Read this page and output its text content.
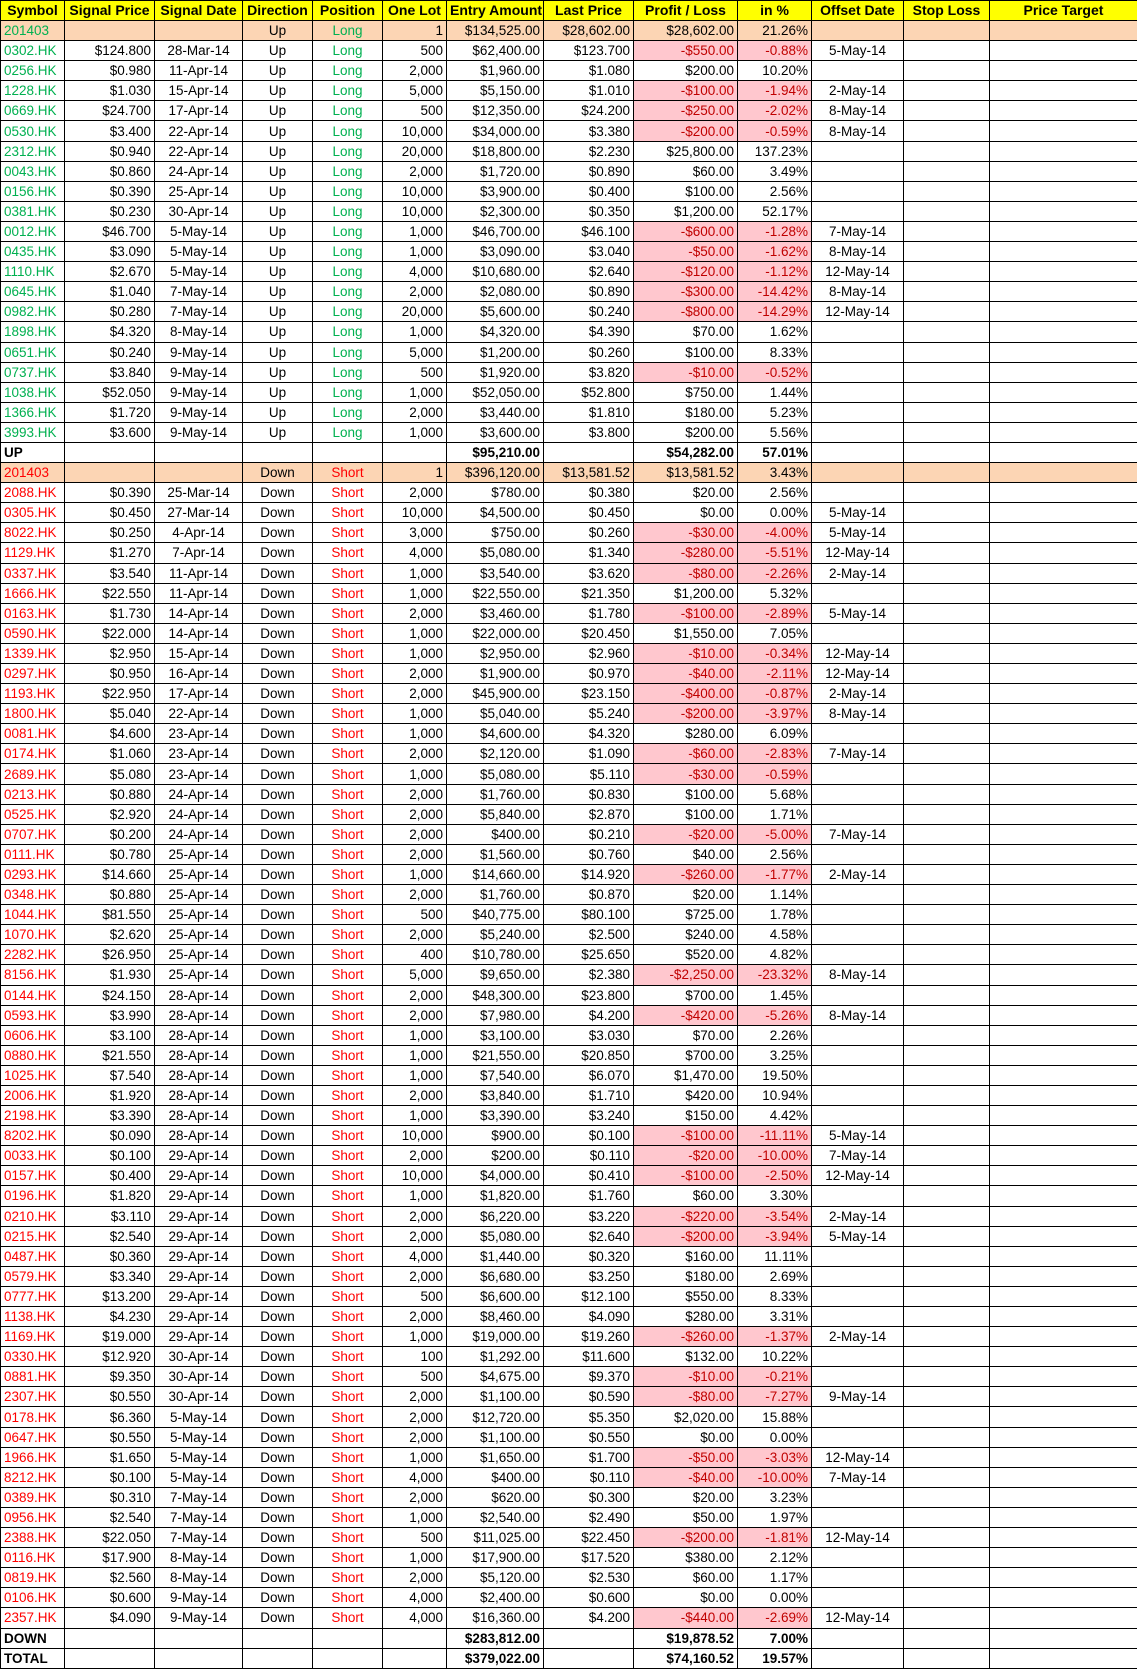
Symbol	Signal Price	Signal Date	Direction	Position	One Lot	Entry Amount	Last Price	Profit / Loss	in %	Offset Date	Stop Loss	Price Target
201403			Up	Long	1	$134,525.00	$28,602.00	$28,602.00	21.26%			
0302.HK	$124.800	28-Mar-14	Up	Long	500	$62,400.00	$123.700	-$550.00	-0.88%	5-May-14		
0256.HK	$0.980	11-Apr-14	Up	Long	2,000	$1,960.00	$1.080	$200.00	10.20%			
1228.HK	$1.030	15-Apr-14	Up	Long	5,000	$5,150.00	$1.010	-$100.00	-1.94%	2-May-14		
0669.HK	$24.700	17-Apr-14	Up	Long	500	$12,350.00	$24.200	-$250.00	-2.02%	8-May-14		
0530.HK	$3.400	22-Apr-14	Up	Long	10,000	$34,000.00	$3.380	-$200.00	-0.59%	8-May-14		
2312.HK	$0.940	22-Apr-14	Up	Long	20,000	$18,800.00	$2.230	$25,800.00	137.23%			
0043.HK	$0.860	24-Apr-14	Up	Long	2,000	$1,720.00	$0.890	$60.00	3.49%			
0156.HK	$0.390	25-Apr-14	Up	Long	10,000	$3,900.00	$0.400	$100.00	2.56%			
0381.HK	$0.230	30-Apr-14	Up	Long	10,000	$2,300.00	$0.350	$1,200.00	52.17%			
0012.HK	$46.700	5-May-14	Up	Long	1,000	$46,700.00	$46.100	-$600.00	-1.28%	7-May-14		
0435.HK	$3.090	5-May-14	Up	Long	1,000	$3,090.00	$3.040	-$50.00	-1.62%	8-May-14		
1110.HK	$2.670	5-May-14	Up	Long	4,000	$10,680.00	$2.640	-$120.00	-1.12%	12-May-14		
0645.HK	$1.040	7-May-14	Up	Long	2,000	$2,080.00	$0.890	-$300.00	-14.42%	8-May-14		
0982.HK	$0.280	7-May-14	Up	Long	20,000	$5,600.00	$0.240	-$800.00	-14.29%	12-May-14		
1898.HK	$4.320	8-May-14	Up	Long	1,000	$4,320.00	$4.390	$70.00	1.62%			
0651.HK	$0.240	9-May-14	Up	Long	5,000	$1,200.00	$0.260	$100.00	8.33%			
0737.HK	$3.840	9-May-14	Up	Long	500	$1,920.00	$3.820	-$10.00	-0.52%			
1038.HK	$52.050	9-May-14	Up	Long	1,000	$52,050.00	$52.800	$750.00	1.44%			
1366.HK	$1.720	9-May-14	Up	Long	2,000	$3,440.00	$1.810	$180.00	5.23%			
3993.HK	$3.600	9-May-14	Up	Long	1,000	$3,600.00	$3.800	$200.00	5.56%			
UP						$95,210.00		$54,282.00	57.01%			
201403			Down	Short	1	$396,120.00	$13,581.52	$13,581.52	3.43%			
2088.HK	$0.390	25-Mar-14	Down	Short	2,000	$780.00	$0.380	$20.00	2.56%			
0305.HK	$0.450	27-Mar-14	Down	Short	10,000	$4,500.00	$0.450	$0.00	0.00%	5-May-14		
8022.HK	$0.250	4-Apr-14	Down	Short	3,000	$750.00	$0.260	-$30.00	-4.00%	5-May-14		
1129.HK	$1.270	7-Apr-14	Down	Short	4,000	$5,080.00	$1.340	-$280.00	-5.51%	12-May-14		
0337.HK	$3.540	11-Apr-14	Down	Short	1,000	$3,540.00	$3.620	-$80.00	-2.26%	2-May-14		
1666.HK	$22.550	11-Apr-14	Down	Short	1,000	$22,550.00	$21.350	$1,200.00	5.32%			
0163.HK	$1.730	14-Apr-14	Down	Short	2,000	$3,460.00	$1.780	-$100.00	-2.89%	5-May-14		
0590.HK	$22.000	14-Apr-14	Down	Short	1,000	$22,000.00	$20.450	$1,550.00	7.05%			
1339.HK	$2.950	15-Apr-14	Down	Short	1,000	$2,950.00	$2.960	-$10.00	-0.34%	12-May-14		
0297.HK	$0.950	16-Apr-14	Down	Short	2,000	$1,900.00	$0.970	-$40.00	-2.11%	12-May-14		
1193.HK	$22.950	17-Apr-14	Down	Short	2,000	$45,900.00	$23.150	-$400.00	-0.87%	2-May-14		
1800.HK	$5.040	22-Apr-14	Down	Short	1,000	$5,040.00	$5.240	-$200.00	-3.97%	8-May-14		
0081.HK	$4.600	23-Apr-14	Down	Short	1,000	$4,600.00	$4.320	$280.00	6.09%			
0174.HK	$1.060	23-Apr-14	Down	Short	2,000	$2,120.00	$1.090	-$60.00	-2.83%	7-May-14		
2689.HK	$5.080	23-Apr-14	Down	Short	1,000	$5,080.00	$5.110	-$30.00	-0.59%			
0213.HK	$0.880	24-Apr-14	Down	Short	2,000	$1,760.00	$0.830	$100.00	5.68%			
0525.HK	$2.920	24-Apr-14	Down	Short	2,000	$5,840.00	$2.870	$100.00	1.71%			
0707.HK	$0.200	24-Apr-14	Down	Short	2,000	$400.00	$0.210	-$20.00	-5.00%	7-May-14		
0111.HK	$0.780	25-Apr-14	Down	Short	2,000	$1,560.00	$0.760	$40.00	2.56%			
0293.HK	$14.660	25-Apr-14	Down	Short	1,000	$14,660.00	$14.920	-$260.00	-1.77%	2-May-14		
0348.HK	$0.880	25-Apr-14	Down	Short	2,000	$1,760.00	$0.870	$20.00	1.14%			
1044.HK	$81.550	25-Apr-14	Down	Short	500	$40,775.00	$80.100	$725.00	1.78%			
1070.HK	$2.620	25-Apr-14	Down	Short	2,000	$5,240.00	$2.500	$240.00	4.58%			
2282.HK	$26.950	25-Apr-14	Down	Short	400	$10,780.00	$25.650	$520.00	4.82%			
8156.HK	$1.930	25-Apr-14	Down	Short	5,000	$9,650.00	$2.380	-$2,250.00	-23.32%	8-May-14		
0144.HK	$24.150	28-Apr-14	Down	Short	2,000	$48,300.00	$23.800	$700.00	1.45%			
0593.HK	$3.990	28-Apr-14	Down	Short	2,000	$7,980.00	$4.200	-$420.00	-5.26%	8-May-14		
0606.HK	$3.100	28-Apr-14	Down	Short	1,000	$3,100.00	$3.030	$70.00	2.26%			
0880.HK	$21.550	28-Apr-14	Down	Short	1,000	$21,550.00	$20.850	$700.00	3.25%			
1025.HK	$7.540	28-Apr-14	Down	Short	1,000	$7,540.00	$6.070	$1,470.00	19.50%			
2006.HK	$1.920	28-Apr-14	Down	Short	2,000	$3,840.00	$1.710	$420.00	10.94%			
2198.HK	$3.390	28-Apr-14	Down	Short	1,000	$3,390.00	$3.240	$150.00	4.42%			
8202.HK	$0.090	28-Apr-14	Down	Short	10,000	$900.00	$0.100	-$100.00	-11.11%	5-May-14		
0033.HK	$0.100	29-Apr-14	Down	Short	2,000	$200.00	$0.110	-$20.00	-10.00%	7-May-14		
0157.HK	$0.400	29-Apr-14	Down	Short	10,000	$4,000.00	$0.410	-$100.00	-2.50%	12-May-14		
0196.HK	$1.820	29-Apr-14	Down	Short	1,000	$1,820.00	$1.760	$60.00	3.30%			
0210.HK	$3.110	29-Apr-14	Down	Short	2,000	$6,220.00	$3.220	-$220.00	-3.54%	2-May-14		
0215.HK	$2.540	29-Apr-14	Down	Short	2,000	$5,080.00	$2.640	-$200.00	-3.94%	5-May-14		
0487.HK	$0.360	29-Apr-14	Down	Short	4,000	$1,440.00	$0.320	$160.00	11.11%			
0579.HK	$3.340	29-Apr-14	Down	Short	2,000	$6,680.00	$3.250	$180.00	2.69%			
0777.HK	$13.200	29-Apr-14	Down	Short	500	$6,600.00	$12.100	$550.00	8.33%			
1138.HK	$4.230	29-Apr-14	Down	Short	2,000	$8,460.00	$4.090	$280.00	3.31%			
1169.HK	$19.000	29-Apr-14	Down	Short	1,000	$19,000.00	$19.260	-$260.00	-1.37%	2-May-14		
0330.HK	$12.920	30-Apr-14	Down	Short	100	$1,292.00	$11.600	$132.00	10.22%			
0881.HK	$9.350	30-Apr-14	Down	Short	500	$4,675.00	$9.370	-$10.00	-0.21%			
2307.HK	$0.550	30-Apr-14	Down	Short	2,000	$1,100.00	$0.590	-$80.00	-7.27%	9-May-14		
0178.HK	$6.360	5-May-14	Down	Short	2,000	$12,720.00	$5.350	$2,020.00	15.88%			
0647.HK	$0.550	5-May-14	Down	Short	2,000	$1,100.00	$0.550	$0.00	0.00%			
1966.HK	$1.650	5-May-14	Down	Short	1,000	$1,650.00	$1.700	-$50.00	-3.03%	12-May-14		
8212.HK	$0.100	5-May-14	Down	Short	4,000	$400.00	$0.110	-$40.00	-10.00%	7-May-14		
0389.HK	$0.310	7-May-14	Down	Short	2,000	$620.00	$0.300	$20.00	3.23%			
0956.HK	$2.540	7-May-14	Down	Short	1,000	$2,540.00	$2.490	$50.00	1.97%			
2388.HK	$22.050	7-May-14	Down	Short	500	$11,025.00	$22.450	-$200.00	-1.81%	12-May-14		
0116.HK	$17.900	8-May-14	Down	Short	1,000	$17,900.00	$17.520	$380.00	2.12%			
0819.HK	$2.560	8-May-14	Down	Short	2,000	$5,120.00	$2.530	$60.00	1.17%			
0106.HK	$0.600	9-May-14	Down	Short	4,000	$2,400.00	$0.600	$0.00	0.00%			
2357.HK	$4.090	9-May-14	Down	Short	4,000	$16,360.00	$4.200	-$440.00	-2.69%	12-May-14		
DOWN						$283,812.00		$19,878.52	7.00%			
TOTAL						$379,022.00		$74,160.52	19.57%			
